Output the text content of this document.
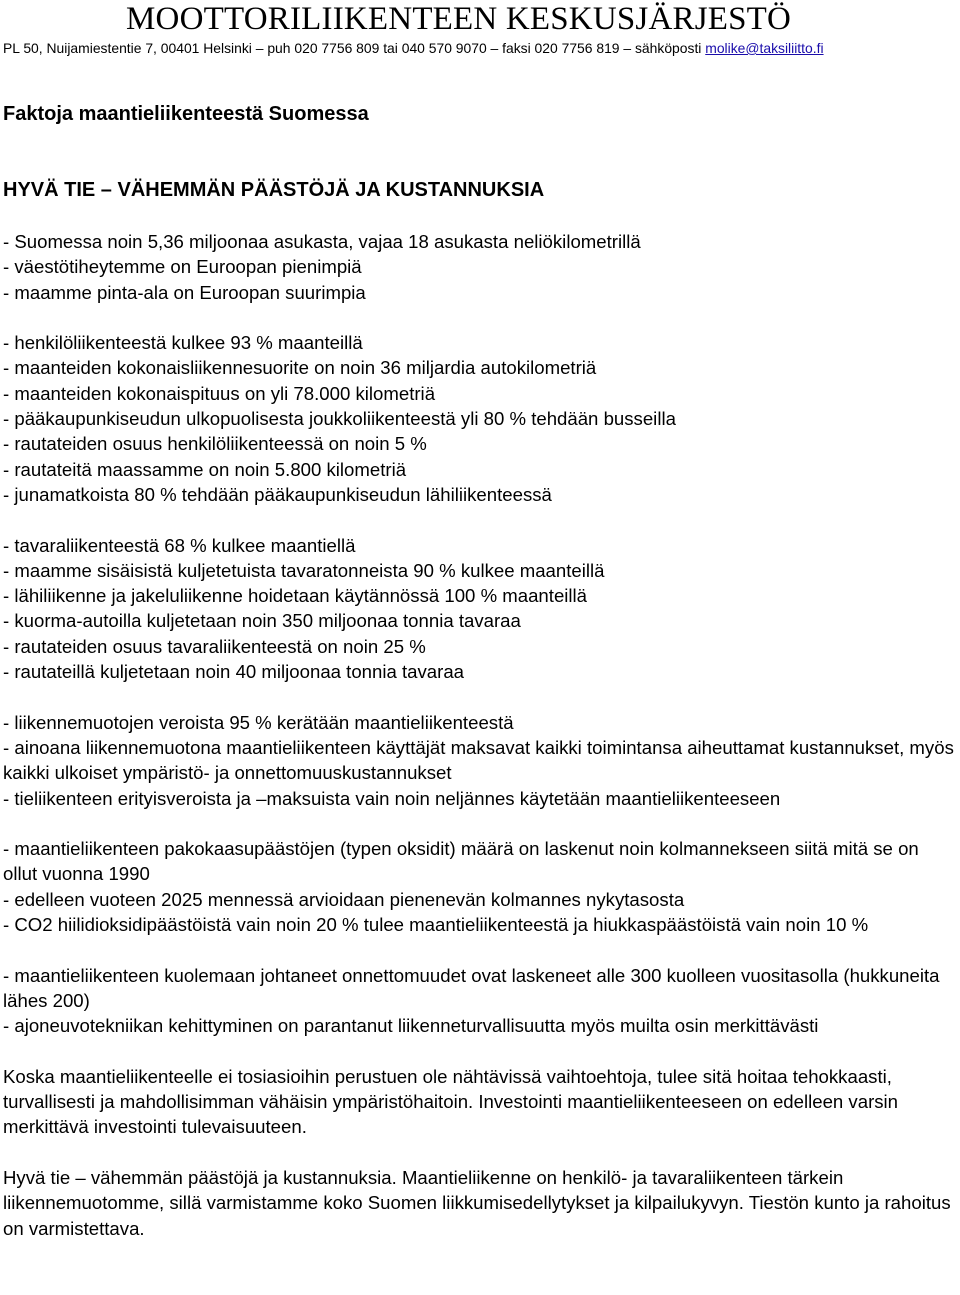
MOOTTORILIIKENTEEN KESKUSJÄRJESTÖ
PL 50, Nuijamiestentie 7, 00401 Helsinki – puh 020 7756 809 tai 040 570 9070 – faksi 020 7756 819 – sähköposti molike@taksiliitto.fi
Faktoja maantieliikenteestä Suomessa
HYVÄ TIE – VÄHEMMÄN PÄÄSTÖJÄ JA KUSTANNUKSIA
- Suomessa noin 5,36 miljoonaa asukasta, vajaa 18 asukasta neliökilometrillä
- väestötiheytemme on Euroopan pienimpiä
- maamme pinta-ala on Euroopan suurimpia
- henkilöliikenteestä kulkee 93 % maanteillä
- maanteiden kokonaisliikennesuorite on noin 36 miljardia autokilometriä
- maanteiden kokonaispituus on yli 78.000 kilometriä
- pääkaupunkiseudun ulkopuolisesta joukkoliikenteestä yli 80 % tehdään busseilla
- rautateiden osuus henkilöliikenteessä on noin 5 %
- rautateitä maassamme on noin 5.800 kilometriä
- junamatkoista 80 % tehdään pääkaupunkiseudun lähiliikenteessä
- tavaraliikenteestä 68 % kulkee maantiellä
- maamme sisäisistä kuljetetuista tavaratonneista 90 % kulkee maanteillä
- lähiliikenne ja jakeluliikenne hoidetaan käytännössä 100 % maanteillä
- kuorma-autoilla kuljetetaan noin 350 miljoonaa tonnia tavaraa
- rautateiden osuus tavaraliikenteestä on noin 25 %
- rautateillä kuljetetaan noin 40 miljoonaa tonnia tavaraa
- liikennemuotojen veroista 95 % kerätään maantieliikenteestä
- ainoana liikennemuotona maantieliikenteen käyttäjät maksavat kaikki toimintansa aiheuttamat kustannukset, myös kaikki ulkoiset ympäristö- ja onnettomuuskustannukset
- tieliikenteen erityisveroista ja –maksuista vain noin neljännes käytetään maantieliikenteeseen
- maantieliikenteen pakokaasupäästöjen (typen oksidit) määrä on laskenut noin kolmannekseen siitä mitä se on ollut vuonna 1990
- edelleen vuoteen 2025 mennessä arvioidaan pienenevän kolmannes nykytasosta
- CO2 hiilidioksidipäästöistä vain noin 20 % tulee maantieliikenteestä ja hiukkaspäästöistä vain noin 10 %
- maantieliikenteen kuolemaan johtaneet onnettomuudet ovat laskeneet alle 300 kuolleen vuositasolla (hukkuneita lähes 200)
- ajoneuvotekniikan kehittyminen on parantanut liikenneturvallisuutta myös muilta osin merkittävästi

Koska maantieliikenteelle ei tosiasioihin perustuen ole nähtävissä vaihtoehtoja, tulee sitä hoitaa tehokkaasti, turvallisesti ja mahdollisimman vähäisin ympäristöhaitoin. Investointi maantieliikenteeseen on edelleen varsin merkittävä investointi tulevaisuuteen.

Hyvä tie – vähemmän päästöjä ja kustannuksia. Maantieliikenne on henkilö- ja tavaraliikenteen tärkein liikennemuotomme, sillä varmistamme koko Suomen liikkumisedellytykset ja kilpailukyvyn. Tiestön kunto ja rahoitus on varmistettava.
